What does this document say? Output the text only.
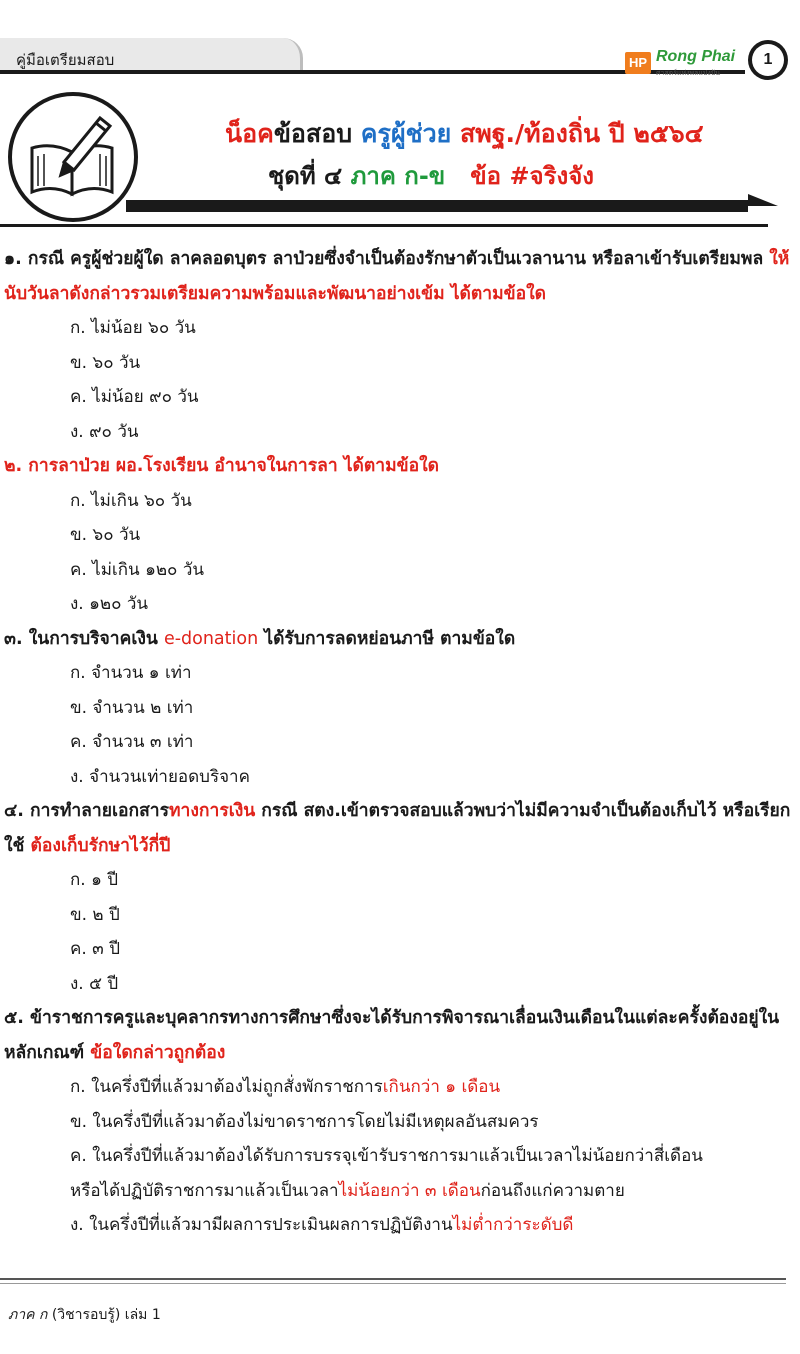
คู่มือเตรียมสอบ	HP Rong Phai
ศาสตร์แห่งพลแปงปัน
1
น็อคข้อสอบ ครูผู้ช่วย สพฐ./ท้องถิ่น ปี ๒๕๖๔
ชุดที่ ๔ ภาค ก-ข ข้อ #จริงจัง
๑. กรณี ครูผู้ช่วยผู้ใด ลาคลอดบุตร ลาป่วยซึ่งจำเป็นต้องรักษาตัวเป็นเวลานาน หรือลาเข้ารับเตรียมพล ให้นับวันลาดังกล่าวรวมเตรียมความพร้อมและพัฒนาอย่างเข้ม ได้ตามข้อใด
ก. ไม่น้อย ๖๐ วัน
ข. ๖๐ วัน
ค. ไม่น้อย ๙๐ วัน
ง. ๙๐ วัน
๒. การลาป่วย ผอ.โรงเรียน อำนาจในการลา ได้ตามข้อใด
ก. ไม่เกิน ๖๐ วัน
ข. ๖๐ วัน
ค. ไม่เกิน ๑๒๐ วัน
ง. ๑๒๐ วัน
๓. ในการบริจาคเงิน e-donation ได้รับการลดหย่อนภาษี ตามข้อใด
ก. จำนวน ๑ เท่า
ข. จำนวน ๒ เท่า
ค. จำนวน ๓ เท่า
ง. จำนวนเท่ายอดบริจาค
๔. การทำลายเอกสารทางการเงิน กรณี สตง.เข้าตรวจสอบแล้วพบว่าไม่มีความจำเป็นต้องเก็บไว้ หรือเรียกใช้ ต้องเก็บรักษาไว้กี่ปี
ก. ๑ ปี
ข. ๒ ปี
ค. ๓ ปี
ง. ๕ ปี
๕. ข้าราชการครูและบุคลากรทางการศึกษาซึ่งจะได้รับการพิจารณาเลื่อนเงินเดือนในแต่ละครั้งต้องอยู่ในหลักเกณฑ์ ข้อใดกล่าวถูกต้อง
ก. ในครึ่งปีที่แล้วมาต้องไม่ถูกสั่งพักราชการเกินกว่า ๑ เดือน
ข. ในครึ่งปีที่แล้วมาต้องไม่ขาดราชการโดยไม่มีเหตุผลอันสมควร
ค. ในครึ่งปีที่แล้วมาต้องได้รับการบรรจุเข้ารับราชการมาแล้วเป็นเวลาไม่น้อยกว่าสี่เดือน
หรือได้ปฏิบัติราชการมาแล้วเป็นเวลาไม่น้อยกว่า ๓ เดือนก่อนถึงแก่ความตาย
ง. ในครึ่งปีที่แล้วมามีผลการประเมินผลการปฏิบัติงานไม่ต่ำกว่าระดับดี
ภาค ก (วิชารอบรู้) เล่ม 1
